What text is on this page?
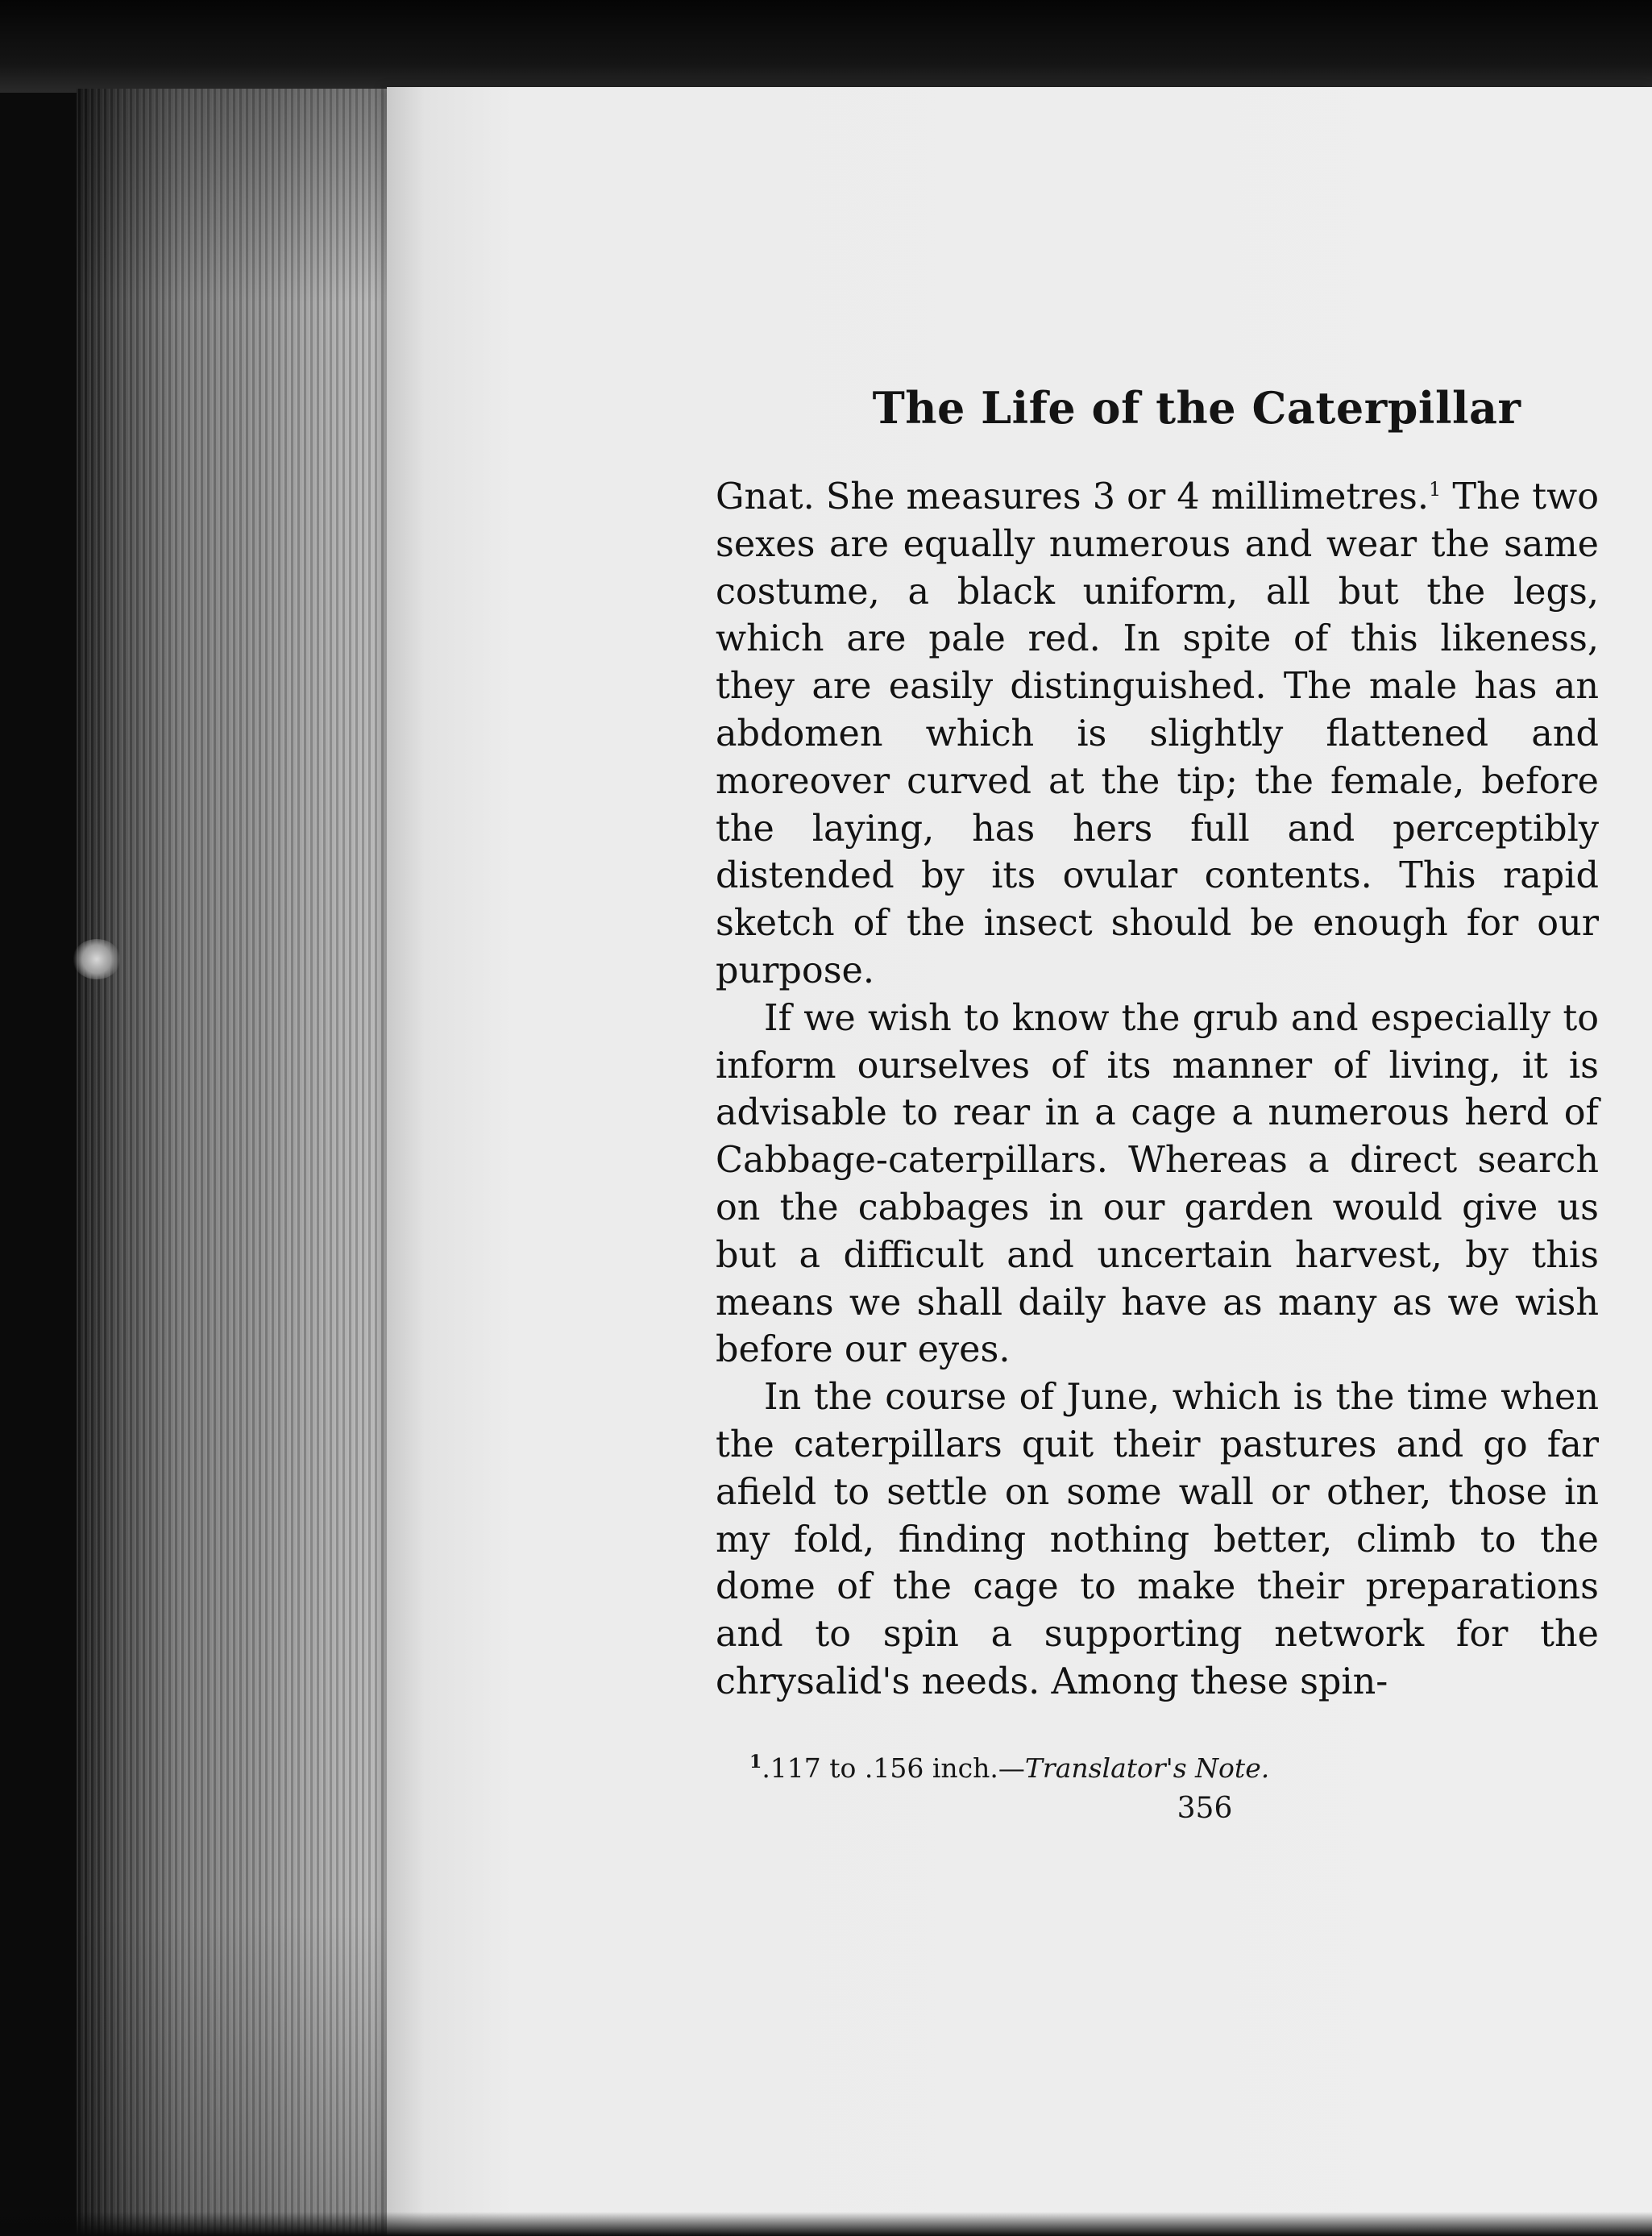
The Life of the Caterpillar

Gnat. She measures 3 or 4 millimetres.$^1$ The two sexes are equally numerous and wear the same costume, a black uniform, all but the legs, which are pale red. In spite of this likeness, they are easily distinguished. The male has an abdomen which is slightly flattened and moreover curved at the tip; the female, before the laying, has hers full and perceptibly distended by its ovular contents. This rapid sketch of the insect should be enough for our purpose.

If we wish to know the grub and especially to inform ourselves of its manner of living, it is advisable to rear in a cage a numerous herd of Cabbage-caterpillars. Whereas a direct search on the cabbages in our garden would give us but a difficult and uncertain harvest, by this means we shall daily have as many as we wish before our eyes.

In the course of June, which is the time when the caterpillars quit their pastures and go far afield to settle on some wall or other, those in my fold, finding nothing better, climb to the dome of the cage to make their preparations and to spin a supporting network for the chrysalid's needs. Among these spin-

$^1$.117 to .156 inch.—Translator's Note.
356
